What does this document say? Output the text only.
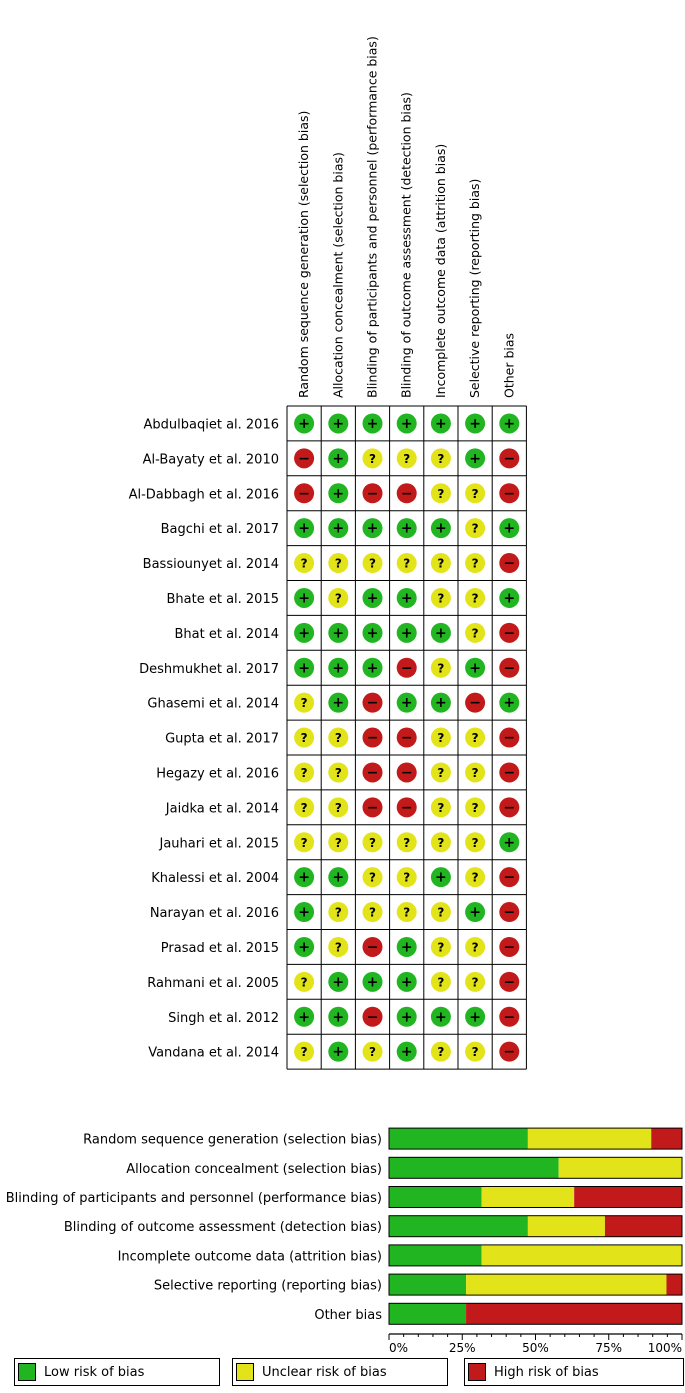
Random sequence generation (selection bias) Allocation concealment (selection bias) Blinding of participants and personnel (performance bias) Blinding of outcome assessment (detection bias) Incomplete outcome data (attrition bias) Selective reporting (reporting bias) Other bias
Abdulbaqiet al. 2016 + + + + + + +
Al-Bayaty et al. 2010 − + ? ? ? + −
Al-Dabbagh et al. 2016 − + − − ? ? −
Bagchi et al. 2017 + + + + + ? +
Bassiounyet al. 2014 ? ? ? ? ? ? −
Bhate et al. 2015 + ? + + ? ? +
Bhat et al. 2014 + + + + + ? −
Deshmukhet al. 2017 + + + − ? + −
Ghasemi et al. 2014 ? + − + + − +
Gupta et al. 2017 ? ? − − ? ? −
Hegazy et al. 2016 ? ? − − ? ? −
Jaidka et al. 2014 ? ? − − ? ? −
Jauhari et al. 2015 ? ? ? ? ? ? +
Khalessi et al. 2004 + + ? ? + ? −
Narayan et al. 2016 + ? ? ? ? + −
Prasad et al. 2015 + ? − + ? ? −
Rahmani et al. 2005 ? + + + ? ? −
Singh et al. 2012 + + − + + + −
Vandana et al. 2014 ? + ? + ? ? −
Random sequence generation (selection bias)
Allocation concealment (selection bias)
Blinding of participants and personnel (performance bias)
Blinding of outcome assessment (detection bias)
Incomplete outcome data (attrition bias)
Selective reporting (reporting bias)
Other bias
0%	25%	50%	75% 100%
Low risk of bias	Unclear risk of bias	High risk of bias
